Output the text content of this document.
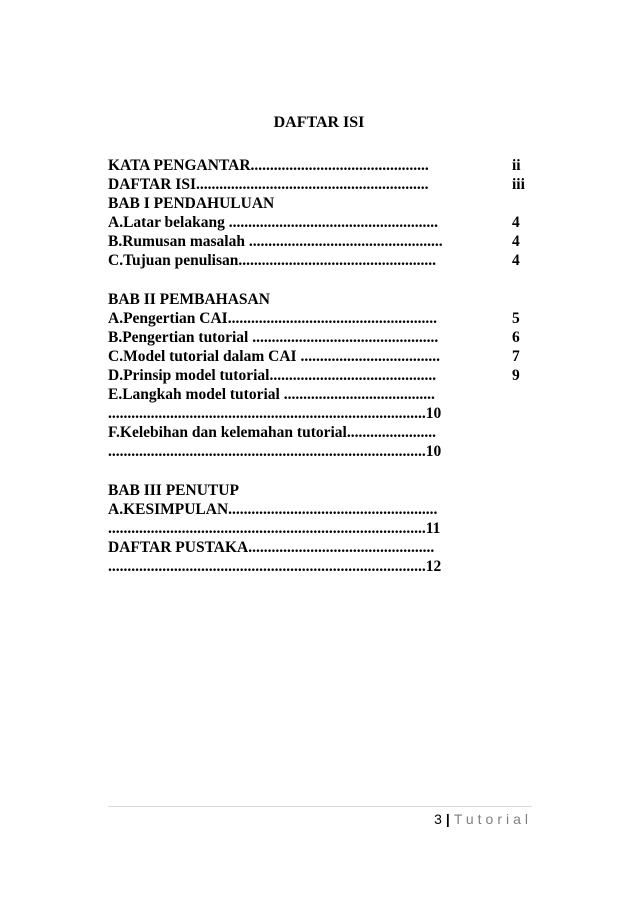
DAFTAR ISI
KATA PENGANTAR..............................................	ii
DAFTAR ISI............................................................	iii
BAB I PENDAHULUAN
A.Latar belakang ......................................................	4
B.Rumusan masalah ..................................................	4
C.Tujuan penulisan...................................................	4
BAB II PEMBAHASAN
A.Pengertian CAI......................................................	5
B.Pengertian tutorial ................................................	6
C.Model tutorial dalam CAI ....................................	7
D.Prinsip model tutorial...........................................	9
E.Langkah model tutorial .......................................
..................................................................................10
F.Kelebihan dan kelemahan tutorial.......................
..................................................................................10
BAB III PENUTUP
A.KESIMPULAN......................................................
..................................................................................11
DAFTAR PUSTAKA................................................
..................................................................................12
3 | Tutorial
